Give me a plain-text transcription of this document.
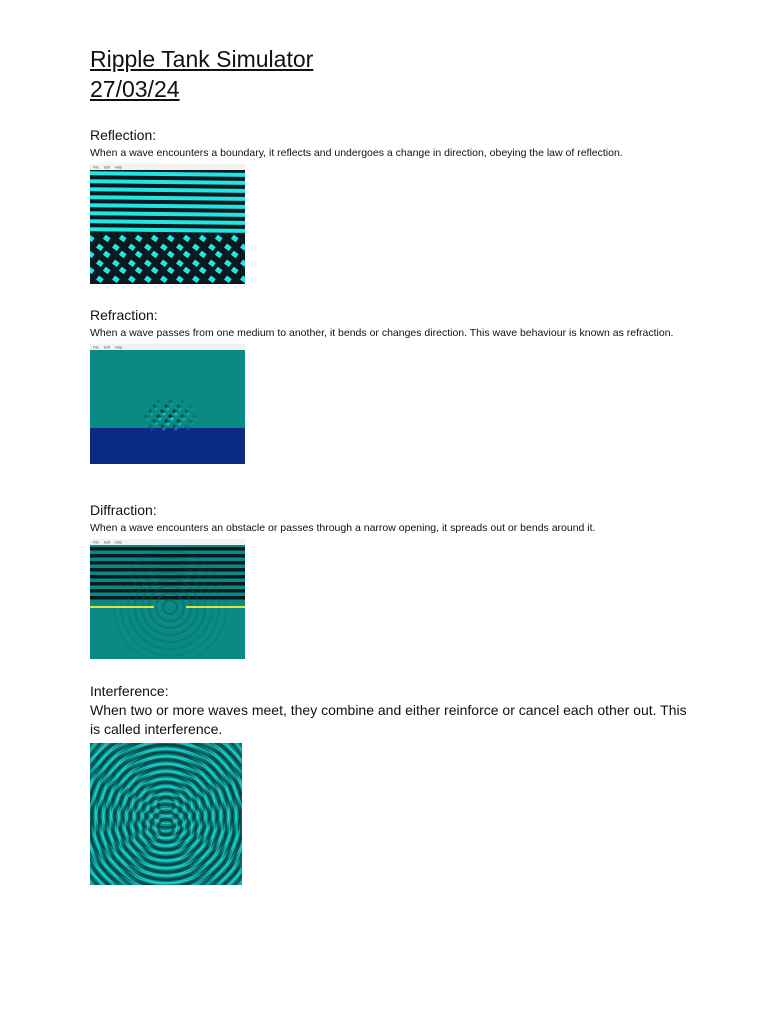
Ripple Tank Simulator
27/03/24

Reflection:

When a wave encounters a boundary, it reflects and undergoes a change in direction, obeying the law of reflection.

File Edit Help

Refraction:

When a wave passes from one medium to another, it bends or changes direction. This wave behaviour is known as refraction.

File Edit Help

Diffraction:

When a wave encounters an obstacle or passes through a narrow opening, it spreads out or bends around it.

File Edit Help

Interference:

When two or more waves meet, they combine and either reinforce or cancel each other out. This is called interference.
